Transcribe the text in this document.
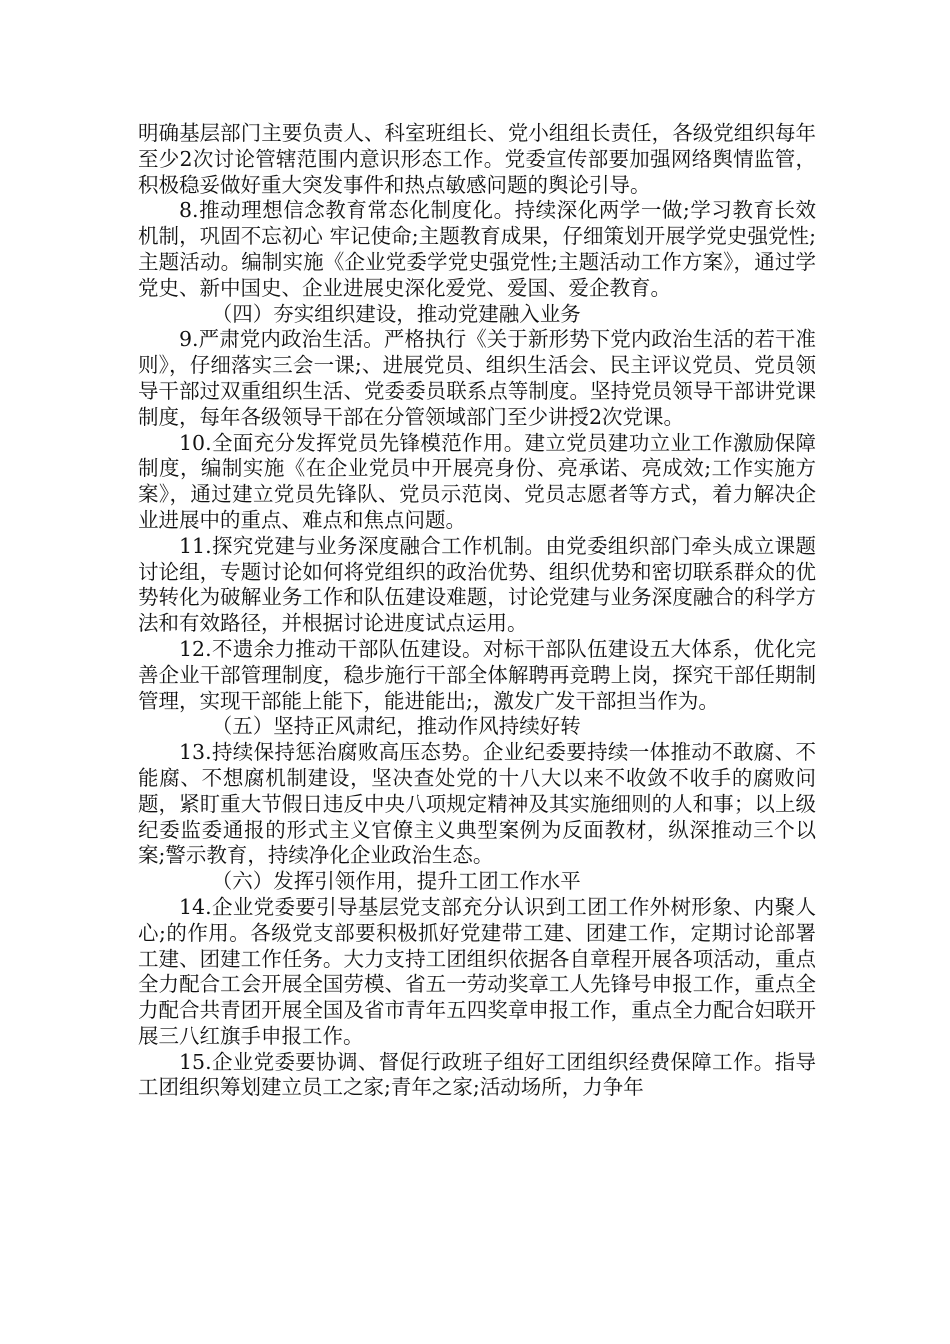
明确基层部门主要负责人、科室班组长、党小组组长责任，各级党组织每年至少2次讨论管辖范围内意识形态工作。党委宣传部要加强网络舆情监管，积极稳妥做好重大突发事件和热点敏感问题的舆论引导。

8.推动理想信念教育常态化制度化。持续深化两学一做;学习教育长效机制，巩固不忘初心 牢记使命;主题教育成果，仔细策划开展学党史强党性;主题活动。编制实施《企业党委学党史强党性;主题活动工作方案》，通过学党史、新中国史、企业进展史深化爱党、爱国、爱企教育。

（四）夯实组织建设，推动党建融入业务

9.严肃党内政治生活。严格执行《关于新形势下党内政治生活的若干准则》，仔细落实三会一课;、进展党员、组织生活会、民主评议党员、党员领导干部过双重组织生活、党委委员联系点等制度。坚持党员领导干部讲党课制度，每年各级领导干部在分管领域部门至少讲授2次党课。

10.全面充分发挥党员先锋模范作用。建立党员建功立业工作激励保障制度，编制实施《在企业党员中开展亮身份、亮承诺、亮成效;工作实施方案》，通过建立党员先锋队、党员示范岗、党员志愿者等方式，着力解决企业进展中的重点、难点和焦点问题。

11.探究党建与业务深度融合工作机制。由党委组织部门牵头成立课题讨论组，专题讨论如何将党组织的政治优势、组织优势和密切联系群众的优势转化为破解业务工作和队伍建设难题，讨论党建与业务深度融合的科学方法和有效路径，并根据讨论进度试点运用。

12.不遗余力推动干部队伍建设。对标干部队伍建设五大体系，优化完善企业干部管理制度，稳步施行干部全体解聘再竞聘上岗，探究干部任期制管理，实现干部能上能下，能进能出;，激发广发干部担当作为。

（五）坚持正风肃纪，推动作风持续好转

13.持续保持惩治腐败高压态势。企业纪委要持续一体推动不敢腐、不能腐、不想腐机制建设，坚决查处党的十八大以来不收敛不收手的腐败问题，紧盯重大节假日违反中央八项规定精神及其实施细则的人和事；以上级纪委监委通报的形式主义官僚主义典型案例为反面教材，纵深推动三个以案;警示教育，持续净化企业政治生态。

（六）发挥引领作用，提升工团工作水平

14.企业党委要引导基层党支部充分认识到工团工作外树形象、内聚人心;的作用。各级党支部要积极抓好党建带工建、团建工作，定期讨论部署工建、团建工作任务。大力支持工团组织依据各自章程开展各项活动，重点全力配合工会开展全国劳模、省五一劳动奖章工人先锋号申报工作，重点全力配合共青团开展全国及省市青年五四奖章申报工作，重点全力配合妇联开展三八红旗手申报工作。

15.企业党委要协调、督促行政班子组好工团组织经费保障工作。指导工团组织筹划建立员工之家;青年之家;活动场所，力争年
